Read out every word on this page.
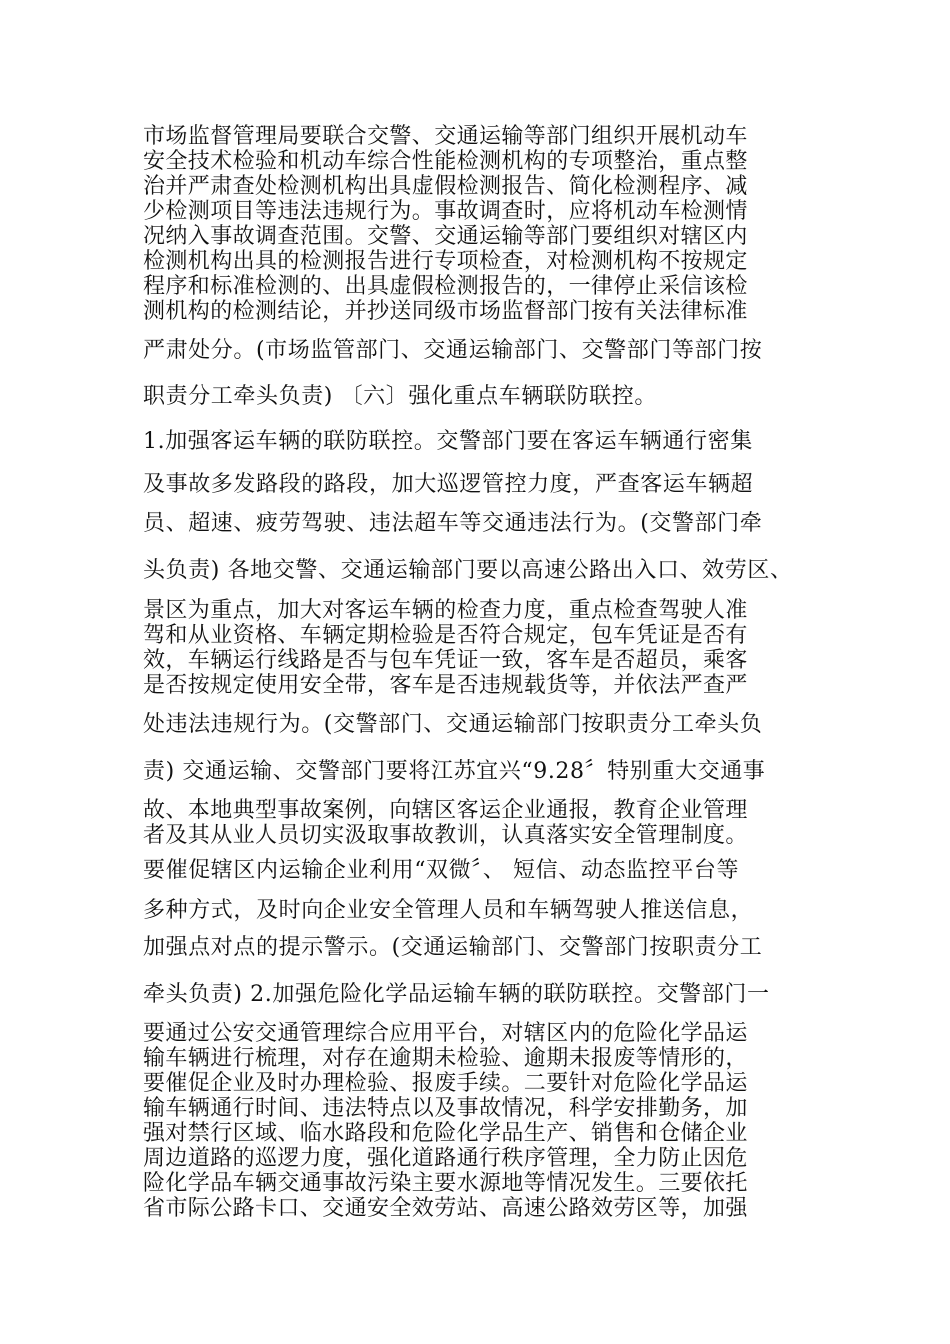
市场监督管理局要联合交警、交通运输等部门组织开展机动车
安全技术检验和机动车综合性能检测机构的专项整治，重点整
治并严肃查处检测机构出具虚假检测报告、简化检测程序、减
少检测项目等违法违规行为。事故调查时，应将机动车检测情
况纳入事故调查范围。交警、交通运输等部门要组织对辖区内
检测机构出具的检测报告进行专项检查，对检测机构不按规定
程序和标准检测的、出具虚假检测报告的，一律停止采信该检
测机构的检测结论，并抄送同级市场监督部门按有关法律标准
严肃处分。(市场监管部门、交通运输部门、交警部门等部门按
职责分工牵头负责) 〔六〕强化重点车辆联防联控。
1.加强客运车辆的联防联控。交警部门要在客运车辆通行密集
及事故多发路段的路段，加大巡逻管控力度，严查客运车辆超
员、超速、疲劳驾驶、违法超车等交通违法行为。(交警部门牵
头负责) 各地交警、交通运输部门要以高速公路出入口、效劳区、
景区为重点，加大对客运车辆的检查力度，重点检查驾驶人准
驾和从业资格、车辆定期检验是否符合规定，包车凭证是否有
效，车辆运行线路是否与包车凭证一致，客车是否超员，乘客
是否按规定使用安全带，客车是否违规载货等，并依法严查严
处违法违规行为。(交警部门、交通运输部门按职责分工牵头负
责) 交通运输、交警部门要将江苏宜兴“9.28〞特别重大交通事
故、本地典型事故案例，向辖区客运企业通报，教育企业管理
者及其从业人员切实汲取事故教训，认真落实安全管理制度。
要催促辖区内运输企业利用“双微〞、 短信、动态监控平台等
多种方式，及时向企业安全管理人员和车辆驾驶人推送信息，
加强点对点的提示警示。(交通运输部门、交警部门按职责分工
牵头负责) 2.加强危险化学品运输车辆的联防联控。交警部门一
要通过公安交通管理综合应用平台，对辖区内的危险化学品运
输车辆进行梳理，对存在逾期未检验、逾期未报废等情形的，
要催促企业及时办理检验、报废手续。二要针对危险化学品运
输车辆通行时间、违法特点以及事故情况，科学安排勤务，加
强对禁行区域、临水路段和危险化学品生产、销售和仓储企业
周边道路的巡逻力度，强化道路通行秩序管理，全力防止因危
险化学品车辆交通事故污染主要水源地等情况发生。三要依托
省市际公路卡口、交通安全效劳站、高速公路效劳区等，加强
